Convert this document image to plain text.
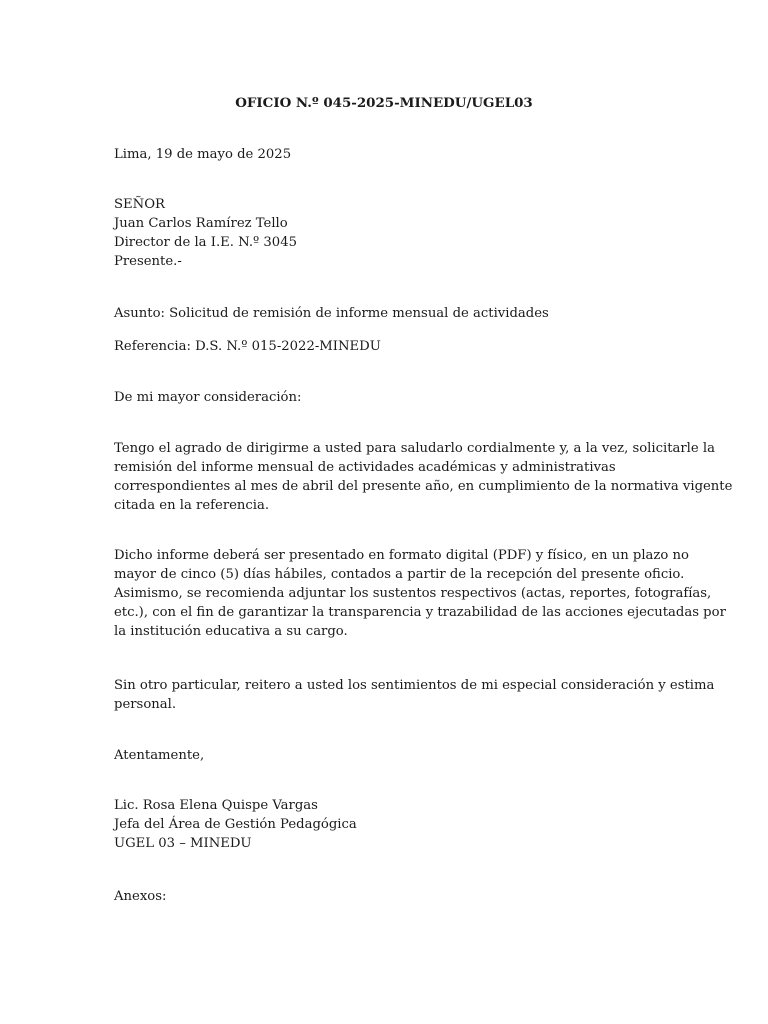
OFICIO N.º 045-2025-MINEDU/UGEL03
Lima, 19 de mayo de 2025
SEÑOR
Juan Carlos Ramírez Tello
Director de la I.E. N.º 3045
Presente.-
Asunto: Solicitud de remisión de informe mensual de actividades
Referencia: D.S. N.º 015-2022-MINEDU
De mi mayor consideración:
Tengo el agrado de dirigirme a usted para saludarlo cordialmente y, a la vez, solicitarle la
remisión del informe mensual de actividades académicas y administrativas
correspondientes al mes de abril del presente año, en cumplimiento de la normativa vigente
citada en la referencia.
Dicho informe deberá ser presentado en formato digital (PDF) y físico, en un plazo no
mayor de cinco (5) días hábiles, contados a partir de la recepción del presente oficio.
Asimismo, se recomienda adjuntar los sustentos respectivos (actas, reportes, fotografías,
etc.), con el fin de garantizar la transparencia y trazabilidad de las acciones ejecutadas por
la institución educativa a su cargo.
Sin otro particular, reitero a usted los sentimientos de mi especial consideración y estima
personal.
Atentamente,
Lic. Rosa Elena Quispe Vargas
Jefa del Área de Gestión Pedagógica
UGEL 03 – MINEDU
Anexos:
